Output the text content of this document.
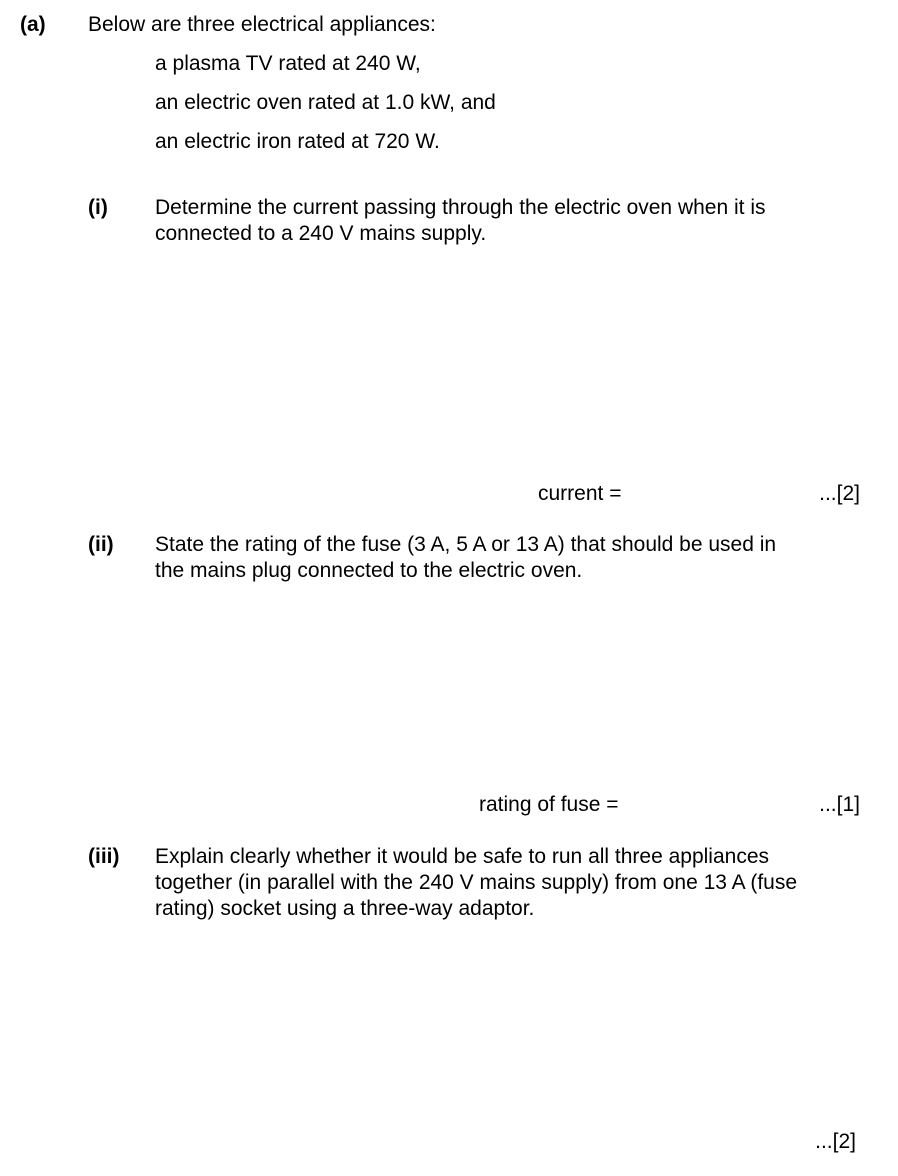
(a) Below are three electrical appliances:
a plasma TV rated at 240 W,
an electric oven rated at 1.0 kW, and
an electric iron rated at 720 W.
(i) Determine the current passing through the electric oven when it is
connected to a 240 V mains supply.
current =	...[2]
(ii) State the rating of the fuse (3 A, 5 A or 13 A) that should be used in
the mains plug connected to the electric oven.
rating of fuse =	...[1]
(iii) Explain clearly whether it would be safe to run all three appliances
together (in parallel with the 240 V mains supply) from one 13 A (fuse
rating) socket using a three-way adaptor.
...[2]
